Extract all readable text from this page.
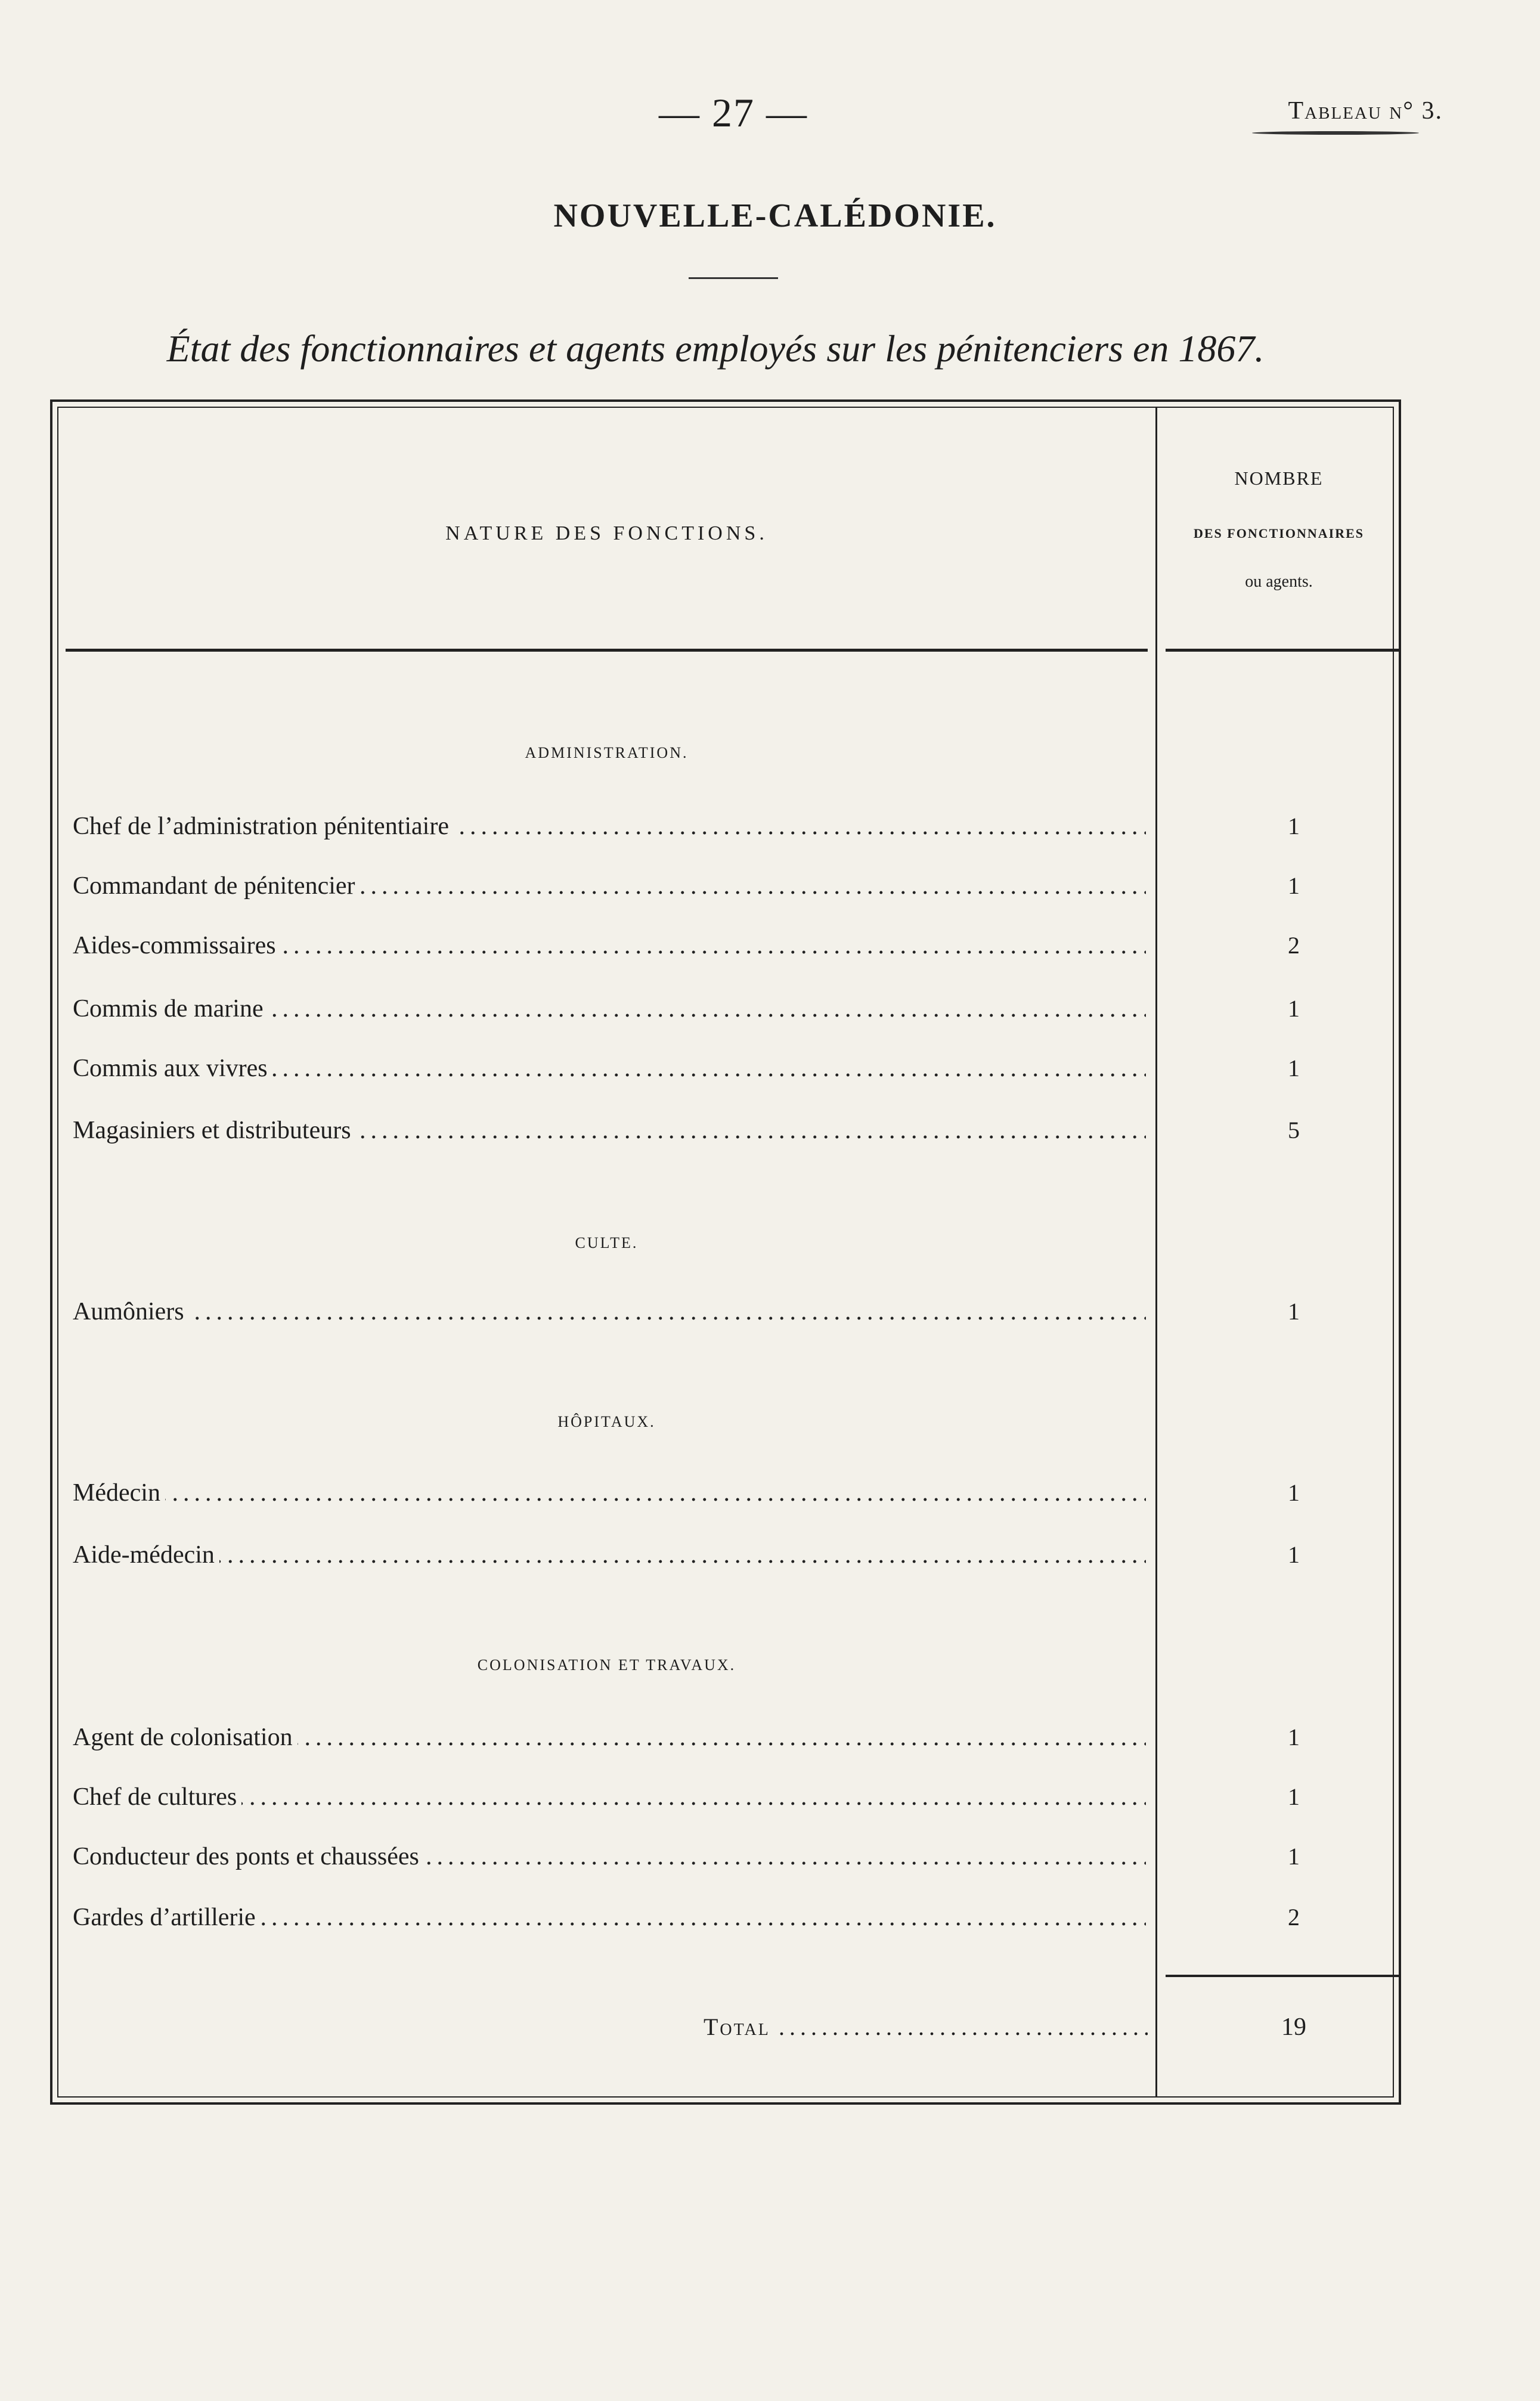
— 27 —	Tableau n° 3.
NOUVELLE-CALÉDONIE.
État des fonctionnaires et agents employés sur les pénitenciers en 1867.
NATURE DES FONCTIONS.
NOMBRE
DES FONCTIONNAIRES
ou agents.
ADMINISTRATION.
Chef de l’administration pénitentiaire .....	1
Commandant de pénitencier .....	1
Aides-commissaires .....	2
Commis de marine .....	1
Commis aux vivres .....	1
Magasiniers et distributeurs .....	5
CULTE.
Aumôniers .....	1
HÔPITAUX.
Médecin .....	1
Aide-médecin .....	1
COLONISATION ET TRAVAUX.
Agent de colonisation .....	1
Chef de cultures .....	1
Conducteur des ponts et chaussées .....	1
Gardes d’artillerie .....	2
Total .....	19
